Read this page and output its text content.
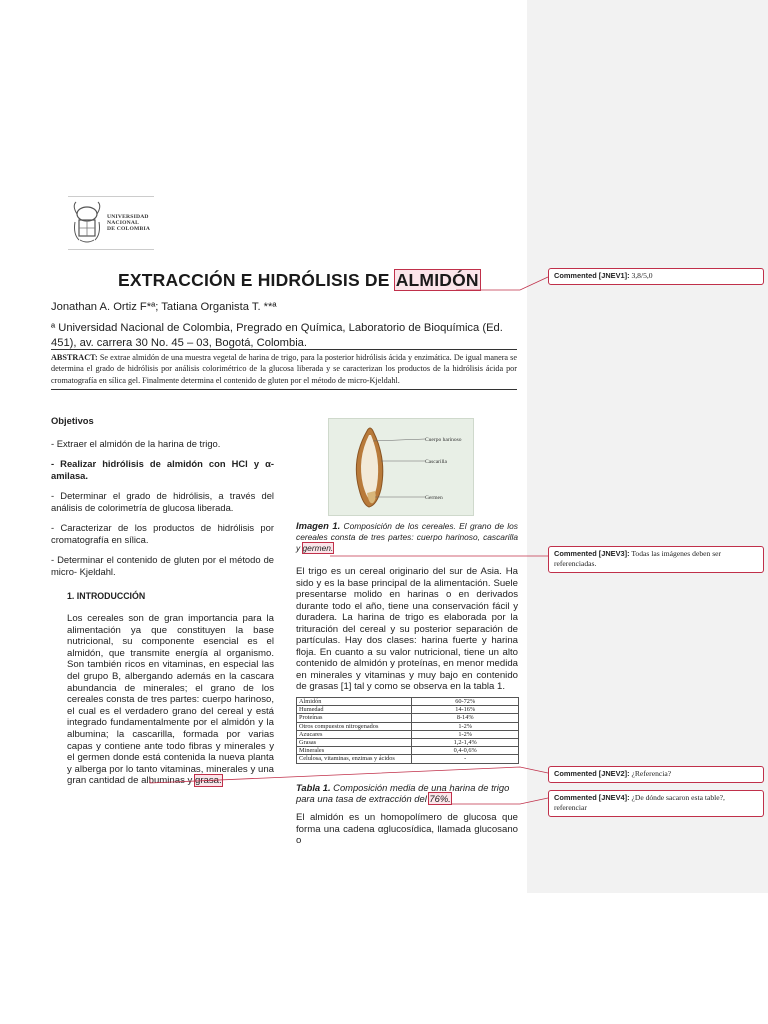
UNIVERSIDAD
NACIONAL
DE COLOMBIA
EXTRACCIÓN E HIDRÓLISIS DE ALMIDÓN
Jonathan A. Ortiz F*ª; Tatiana Organista T. **ª
ª Universidad Nacional de Colombia, Pregrado en Química, Laboratorio de Bioquímica (Ed. 451), av. carrera 30 No. 45 – 03, Bogotá, Colombia.
ABSTRACT: Se extrae almidón de una muestra vegetal de harina de trigo, para la posterior hidrólisis ácida y enzimática. De igual manera se determina el grado de hidrólisis por análisis colorimétrico de la glucosa liberada y se caracterizan los productos de la hidrólisis ácida por cromatografía en sílica gel. Finalmente determina el contenido de gluten por el método de micro-Kjeldahl.

Objetivos

- Extraer el almidón de la harina de trigo.

- Realizar hidrólisis de almidón con HCl y α-amilasa.

- Determinar el grado de hidrólisis, a través del análisis de colorimetría de glucosa liberada.

- Caracterizar de los productos de hidrólisis por cromatografía en sílica.

- Determinar el contenido de gluten por el método de micro- Kjeldahl.

1. INTRODUCCIÓN

Los cereales son de gran importancia para la alimentación ya que constituyen la base nutricional, su componente esencial es el almidón, que transmite energía al organismo. Son también ricos en vitaminas, en especial las del grupo B, albergando además en la cascara abundancia de minerales; el grano de los cereales consta de tres partes: cuerpo harinoso, el cual es el verdadero grano del cereal y está integrado fundamentalmente por el almidón y la albumina; la cascarilla, formada por varias capas y contiene ante todo fibras y minerales y el germen donde está contenida la nueva planta y alberga por lo tanto vitaminas, minerales y una gran cantidad de albuminas y grasa.
Cuerpo harinoso
Cascarilla
Germen
Imagen 1. Composición de los cereales. El grano de los cereales consta de tres partes: cuerpo harinoso, cascarilla y germen.
El trigo es un cereal originario del sur de Asia. Ha sido y es la base principal de la alimentación. Suele presentarse molido en harinas o en derivados durante todo el año, tiene una conservación fácil y duradera. La harina de trigo es elaborada por la trituración del cereal y su posterior separación de partículas. Hay dos clases: harina fuerte y harina floja. En cuanto a su valor nutricional, tiene un alto contenido de almidón y proteínas, en menor medida en minerales y vitaminas y muy bajo en contenido de grasas [1] tal y como se observa en la tabla 1.
Almidón	60-72%
Humedad	14-16%
Proteínas	8-14%
Otros compuestos nitrogenados	1-2%
Azucares	1-2%
Grasas	1,2-1,4%
Minerales	0,4-0,6%
Celulosa, vitaminas, enzimas y ácidos	-
Tabla 1. Composición media de una harina de trigo para una tasa de extracción del 76%.
El almidón es un homopolímero de glucosa que forma una cadena αglucosídica, llamada glucosano o
Commented [JNEV1]: 3,8/5,0
Commented [JNEV3]: Todas las imágenes deben ser referenciadas.
Commented [JNEV2]: ¿Referencia?
Commented [JNEV4]: ¿De dónde sacaron esta table?, referenciar
